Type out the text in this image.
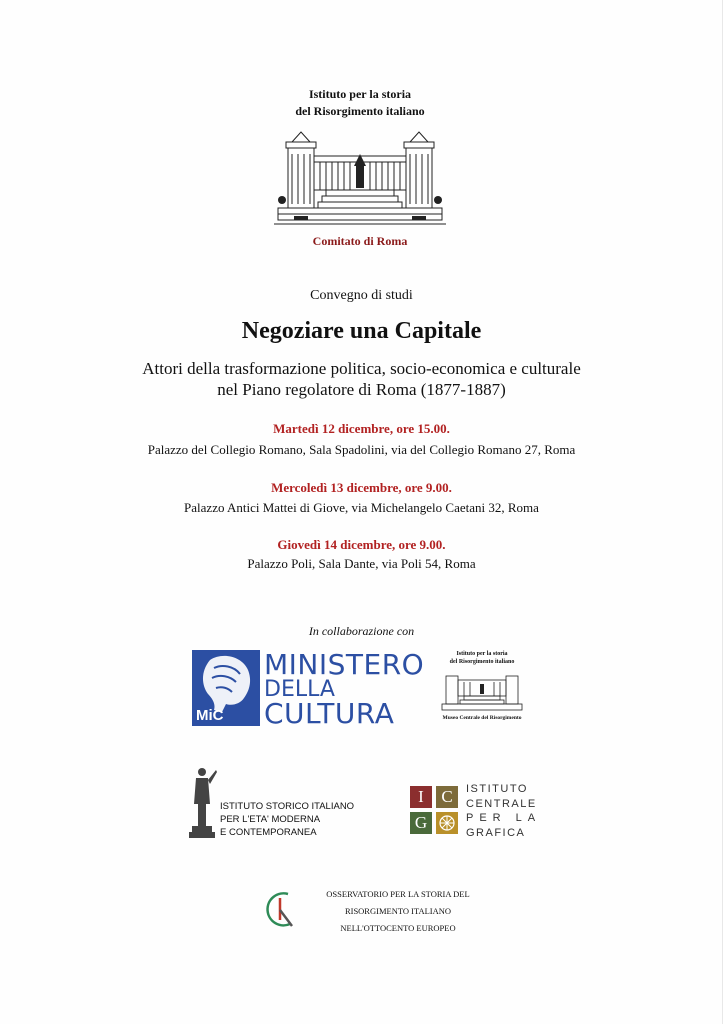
Istituto per la storia
del Risorgimento italiano
Comitato di Roma
Convegno di studi
Negoziare una Capitale
Attori della trasformazione politica, socio-economica e culturale
nel Piano regolatore di Roma (1877-1887)
Martedì 12 dicembre, ore 15.00.
Palazzo del Collegio Romano, Sala Spadolini, via del Collegio Romano 27, Roma
Mercoledì 13 dicembre, ore 9.00.
Palazzo Antici Mattei di Giove, via Michelangelo Caetani 32, Roma
Giovedì 14 dicembre, ore 9.00.
Palazzo Poli, Sala Dante, via Poli 54, Roma
In collaborazione con
MiC
MINISTERO
DELLA
CULTURA
Istituto per la storia
del Risorgimento italiano
Museo Centrale del Risorgimento
ISTITUTO STORICO ITALIANO
PER L'ETA' MODERNA
E CONTEMPORANEA
I	C
G
ISTITUTO
CENTRALE
PER LA
GRAFICA
OSSERVATORIO PER LA STORIA DEL
RISORGIMENTO ITALIANO
NELL'OTTOCENTO EUROPEO
